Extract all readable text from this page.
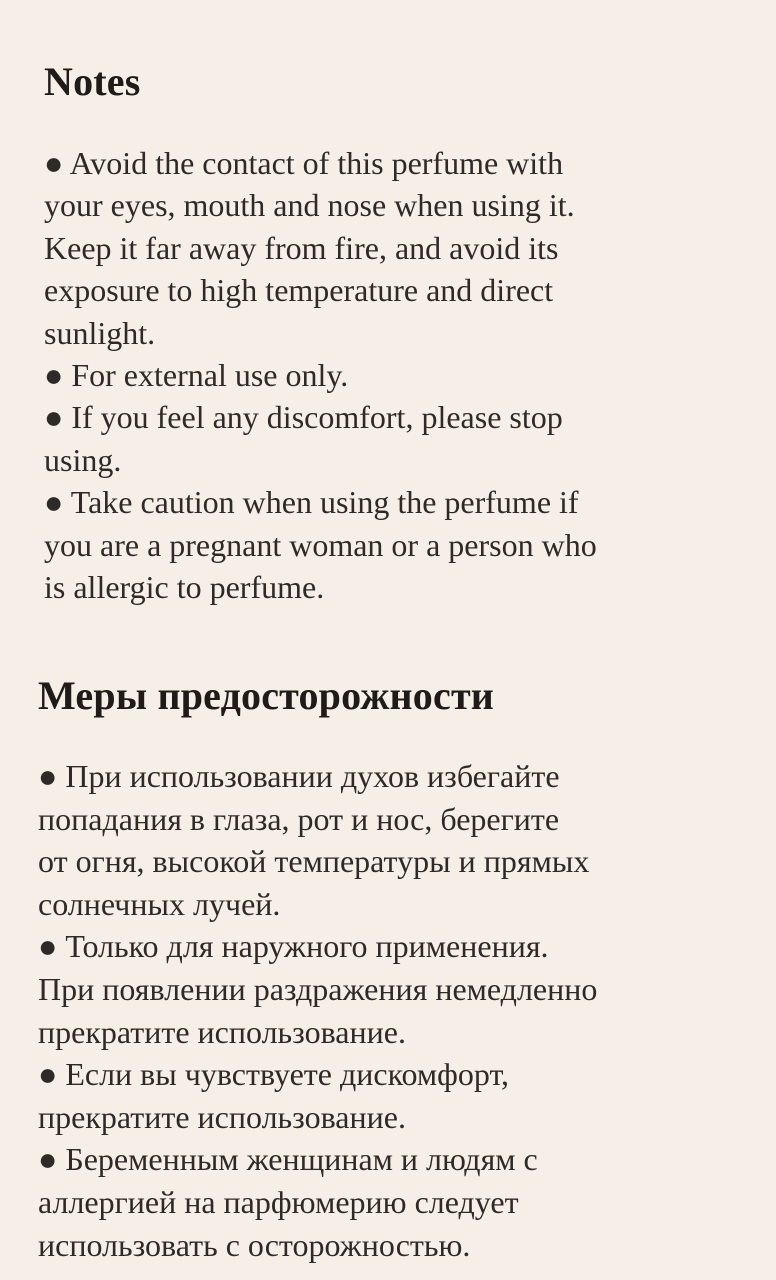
Notes
● Avoid the contact of this perfume with
your eyes, mouth and nose when using it.
Keep it far away from fire, and avoid its
exposure to high temperature and direct
sunlight.
● For external use only.
● If you feel any discomfort, please stop
using.
● Take caution when using the perfume if
you are a pregnant woman or a person who
is allergic to perfume.
Меры предосторожности
● При использовании духов избегайте
попадания в глаза, рот и нос, берегите
от огня, высокой температуры и прямых
солнечных лучей.
● Только для наружного применения.
При появлении раздражения немедленно
прекратите использование.
● Если вы чувствуете дискомфорт,
прекратите использование.
● Беременным женщинам и людям с
аллергией на парфюмерию следует
использовать с осторожностью.
